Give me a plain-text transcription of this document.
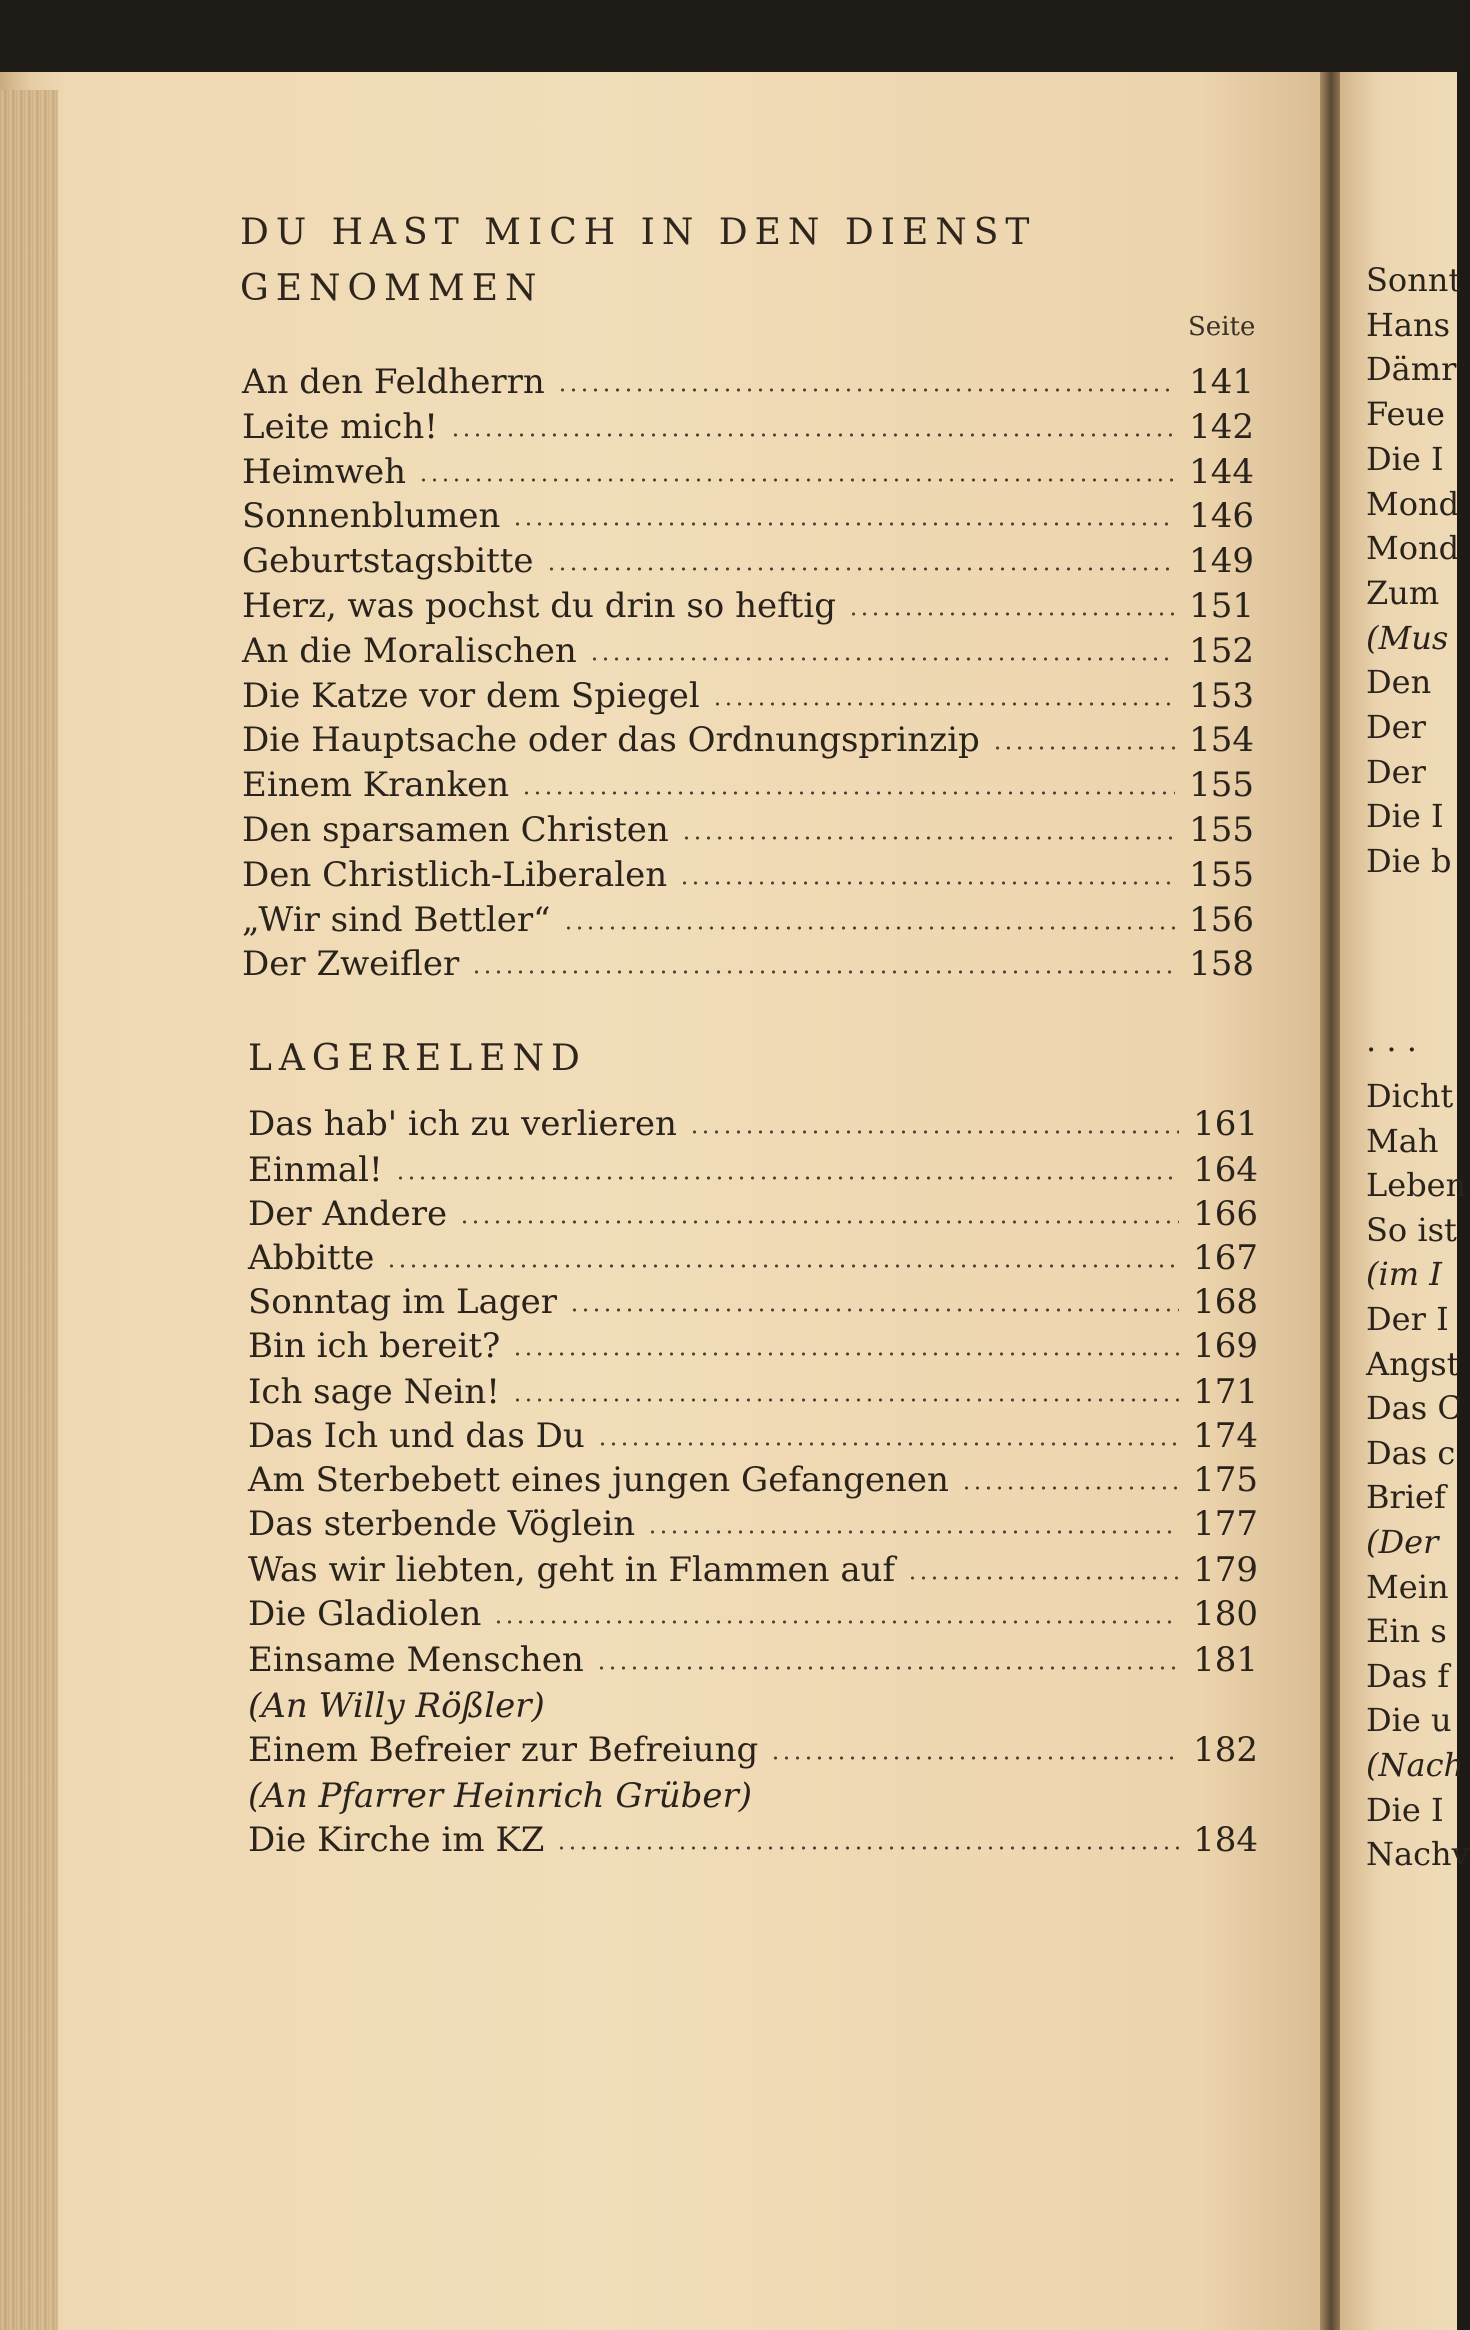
DU HAST MICH IN DEN DIENST
GENOMMEN
Seite
An den Feldherrn	141
Leite mich!	142
Heimweh	144
Sonnenblumen	146
Geburtstagsbitte	149
Herz, was pochst du drin so heftig	151
An die Moralischen	152
Die Katze vor dem Spiegel	153
Die Hauptsache oder das Ordnungsprinzip	154
Einem Kranken	155
Den sparsamen Christen	155
Den Christlich-Liberalen	155
„Wir sind Bettler“	156
Der Zweifler	158
LAGERELEND
Das hab' ich zu verlieren	161
Einmal!	164
Der Andere	166
Abbitte	167
Sonntag im Lager	168
Bin ich bereit?	169
Ich sage Nein!	171
Das Ich und das Du	174
Am Sterbebett eines jungen Gefangenen	175
Das sterbende Vöglein	177
Was wir liebten, geht in Flammen auf	179
Die Gladiolen	180
Einsame Menschen	181
Einem Befreier zur Befreiung	182
Die Kirche im KZ	184
(An Willy Rößler)
(An Pfarrer Heinrich Grüber)
Sonnt
Hans
Dämr
Feue
Die I
Mond
Mond
Zum
(Mus
Den
Der
Der
Die I
Die b
. . .
Dicht
Mah
Leben
So ist
(im I
Der I
Angst
Das C
Das c
Brief
(Der
Mein
Ein s
Das f
Die u
(Nach
Die I
Nachv
